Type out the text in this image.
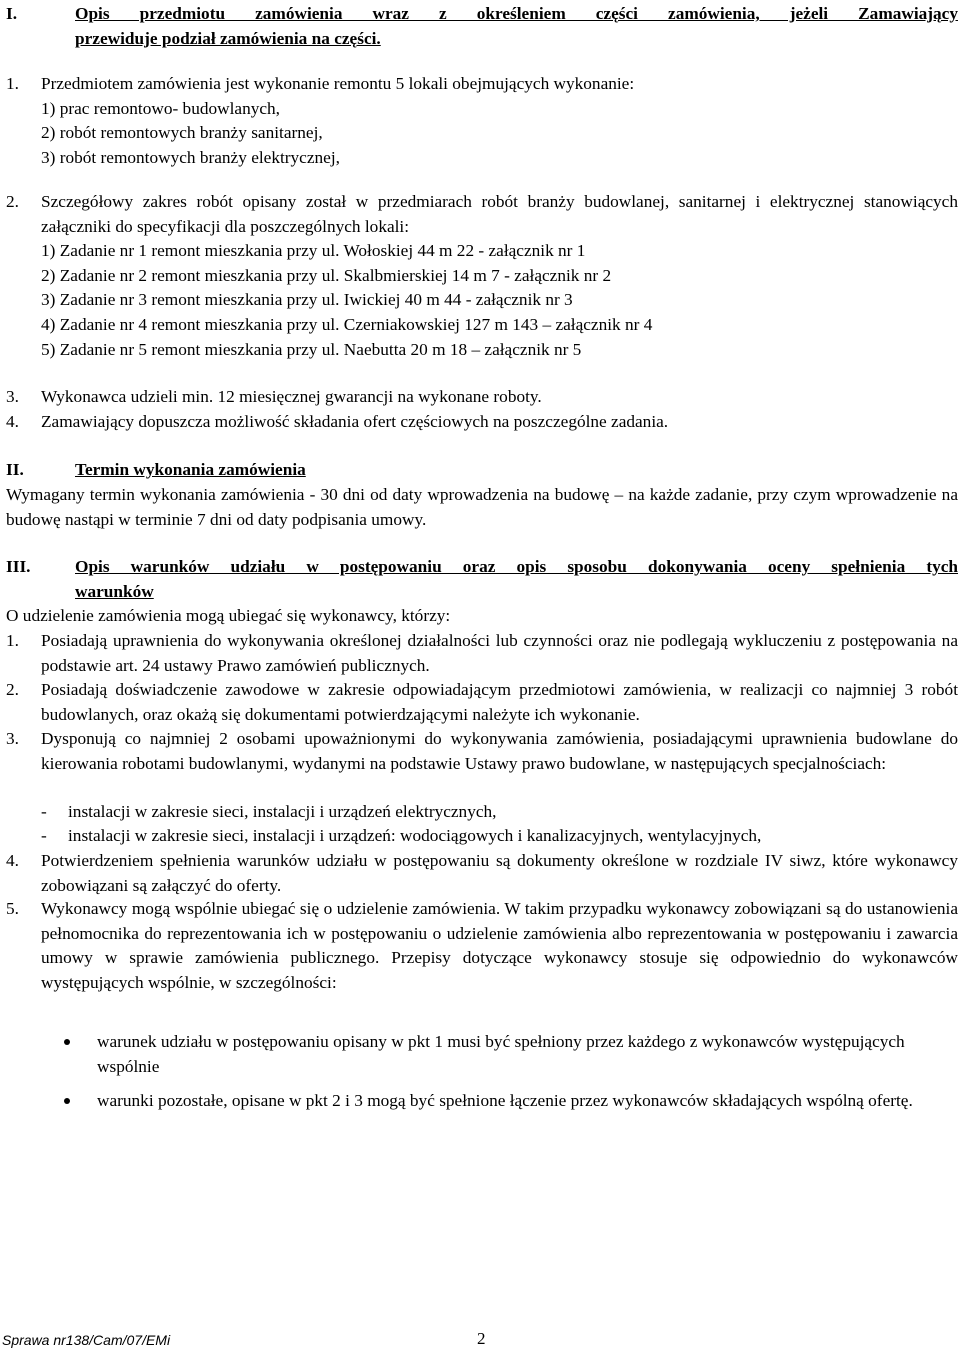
I.	Opis przedmiotu zamówienia wraz z określeniem części zamówienia, jeżeli Zamawiający
przewiduje podział zamówienia na części.
1.	Przedmiotem zamówienia jest wykonanie remontu 5 lokali obejmujących wykonanie:
1) prac remontowo- budowlanych,
2) robót remontowych branży sanitarnej,
3) robót remontowych branży elektrycznej,
2.	Szczegółowy zakres robót opisany został w przedmiarach robót branży budowlanej, sanitarnej i elektrycznej stanowiących załączniki do specyfikacji dla poszczególnych lokali:
1) Zadanie nr 1 remont mieszkania przy ul. Wołoskiej 44 m 22 - załącznik nr 1
2) Zadanie nr 2 remont mieszkania przy ul. Skalbmierskiej 14 m 7 - załącznik nr 2
3) Zadanie nr 3 remont mieszkania przy ul. Iwickiej 40 m 44 - załącznik nr 3
4) Zadanie nr 4 remont mieszkania przy ul. Czerniakowskiej 127 m 143 – załącznik nr 4
5) Zadanie nr 5 remont mieszkania przy ul. Naebutta 20 m 18 – załącznik nr 5
3.	Wykonawca udzieli min. 12 miesięcznej gwarancji na wykonane roboty.
4.	Zamawiający dopuszcza możliwość składania ofert częściowych na poszczególne zadania.
II.	Termin wykonania zamówienia
Wymagany termin wykonania zamówienia - 30 dni od daty wprowadzenia na budowę – na każde zadanie, przy czym wprowadzenie na budowę nastąpi w terminie 7 dni od daty podpisania umowy.
III.	Opis warunków udziału w postępowaniu oraz opis sposobu dokonywania oceny spełnienia tych
warunków
O udzielenie zamówienia mogą ubiegać się wykonawcy, którzy:
1.	Posiadają uprawnienia do wykonywania określonej działalności lub czynności oraz nie podlegają wykluczeniu z postępowania na podstawie art. 24 ustawy Prawo zamówień publicznych.
2.	Posiadają doświadczenie zawodowe w zakresie odpowiadającym przedmiotowi zamówienia, w realizacji co najmniej 3 robót budowlanych, oraz okażą się dokumentami potwierdzającymi należyte ich wykonanie.
3.	Dysponują co najmniej 2 osobami upoważnionymi do wykonywania zamówienia, posiadającymi uprawnienia budowlane do kierowania robotami budowlanymi, wydanymi na podstawie Ustawy prawo budowlane, w następujących specjalnościach:
-	instalacji w zakresie sieci, instalacji i urządzeń elektrycznych,
-	instalacji w zakresie sieci, instalacji i urządzeń: wodociągowych i kanalizacyjnych, wentylacyjnych,
4.	Potwierdzeniem spełnienia warunków udziału w postępowaniu są dokumenty określone w rozdziale IV siwz, które wykonawcy zobowiązani są załączyć do oferty.
5.	Wykonawcy mogą wspólnie ubiegać się o udzielenie zamówienia. W takim przypadku wykonawcy zobowiązani są do ustanowienia pełnomocnika do reprezentowania ich w postępowaniu o udzielenie zamówienia albo reprezentowania w postępowaniu i zawarcia umowy w sprawie zamówienia publicznego. Przepisy dotyczące wykonawcy stosuje się odpowiednio do wykonawców występujących wspólnie, w szczególności:
warunek udziału w postępowaniu opisany w pkt 1 musi być spełniony przez każdego z wykonawców występujących wspólnie
warunki pozostałe, opisane w pkt 2 i 3 mogą być spełnione łączenie przez wykonawców składających wspólną ofertę.
Sprawa nr138/Cam/07/EMi	2
